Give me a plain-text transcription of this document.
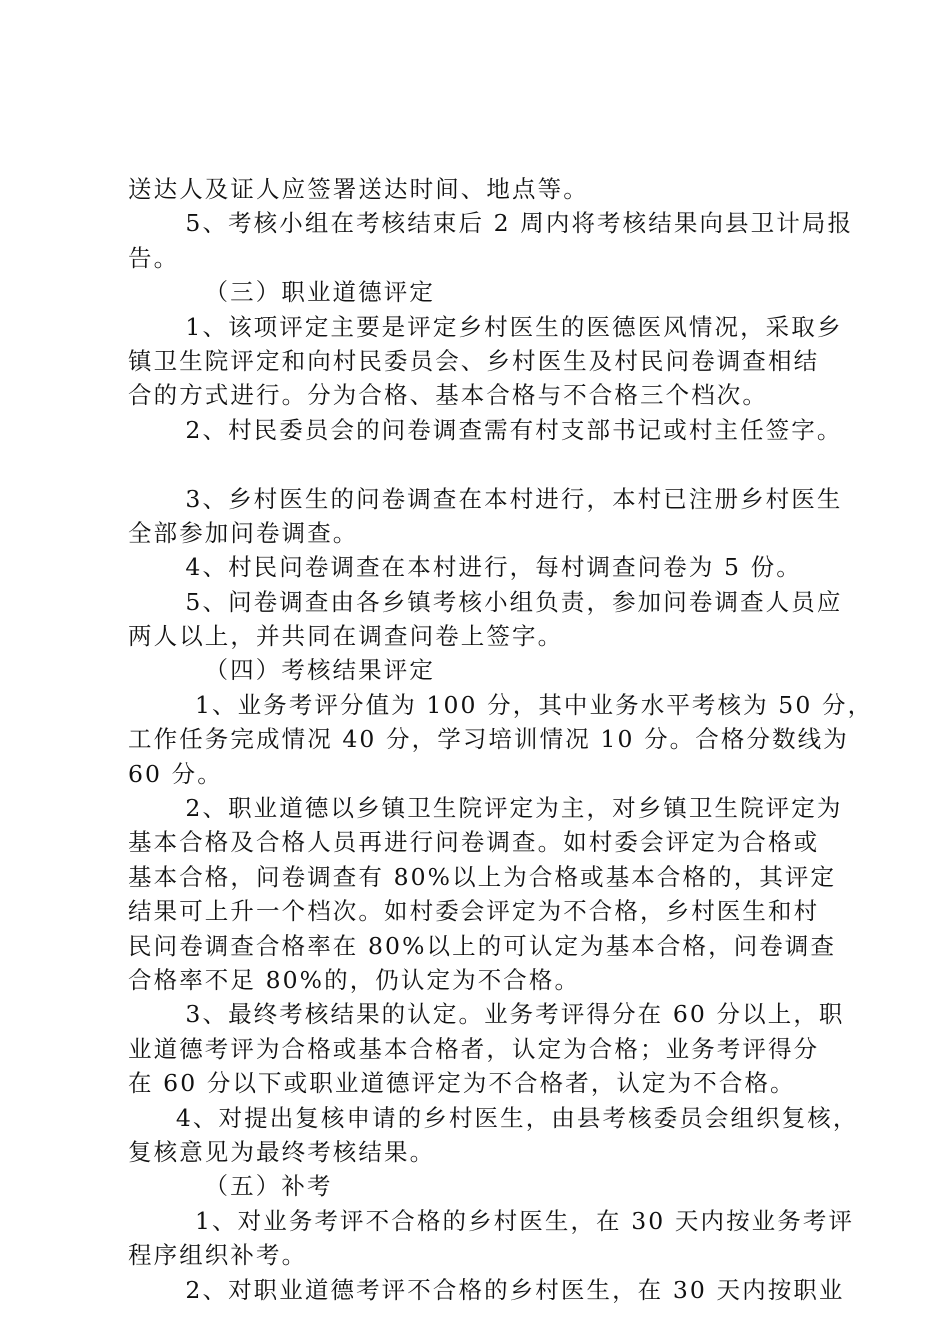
送达人及证人应签署送达时间、地点等。
5、考核小组在考核结束后 2 周内将考核结果向县卫计局报
告。
（三）职业道德评定
1、该项评定主要是评定乡村医生的医德医风情况，采取乡
镇卫生院评定和向村民委员会、乡村医生及村民问卷调查相结
合的方式进行。分为合格、基本合格与不合格三个档次。
2、村民委员会的问卷调查需有村支部书记或村主任签字。
3、乡村医生的问卷调查在本村进行，本村已注册乡村医生
全部参加问卷调查。
4、村民问卷调查在本村进行，每村调查问卷为 5 份。
5、问卷调查由各乡镇考核小组负责，参加问卷调查人员应
两人以上，并共同在调查问卷上签字。
（四）考核结果评定
1、业务考评分值为 100 分，其中业务水平考核为 50 分，
工作任务完成情况 40 分，学习培训情况 10 分。合格分数线为
60 分。
2、职业道德以乡镇卫生院评定为主，对乡镇卫生院评定为
基本合格及合格人员再进行问卷调查。如村委会评定为合格或
基本合格，问卷调查有 80%以上为合格或基本合格的，其评定
结果可上升一个档次。如村委会评定为不合格，乡村医生和村
民问卷调查合格率在 80%以上的可认定为基本合格，问卷调查
合格率不足 80%的，仍认定为不合格。
3、最终考核结果的认定。业务考评得分在 60 分以上，职
业道德考评为合格或基本合格者，认定为合格；业务考评得分
在 60 分以下或职业道德评定为不合格者，认定为不合格。
4、对提出复核申请的乡村医生，由县考核委员会组织复核，
复核意见为最终考核结果。
（五）补考
1、对业务考评不合格的乡村医生，在 30 天内按业务考评
程序组织补考。
2、对职业道德考评不合格的乡村医生，在 30 天内按职业
